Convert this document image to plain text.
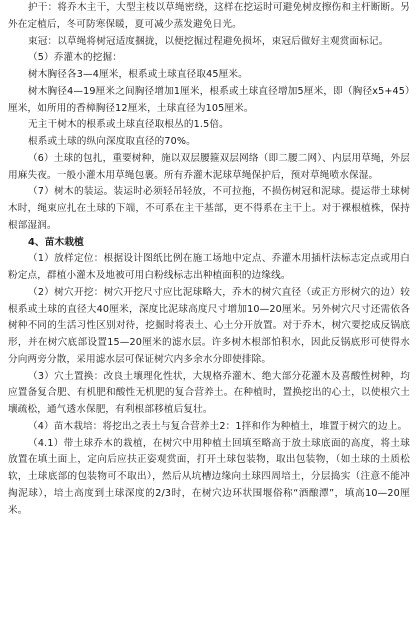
护干：将乔木主干，大型主枝以草绳密绕，这样在挖运时可避免树皮擦伤和主杆断断。另外在定植后，冬可防寒保暖，夏可减少蒸发避免日光。

束冠：以草绳将树冠适度捆拢，以便挖掘过程避免损坏，束冠后做好主观赏面标记。

（5）乔灌木的挖掘：

树木胸径各3—4厘米，根系或土球直径取45厘米。

树木胸径4—19厘米之间胸径增加1厘米，根系或土球直径增加5厘米，即（胸径x5+45）厘米，如所用的香樟胸径12厘米，土球直径为105厘米。

无主干树木的根系或土球直径取根丛的1.5倍。

根系或土球的纵向深度取直径的70%。

（6）土球的包扎，重要树种，施以双层腰箍双层网络（即二腰二网）、内层用草绳，外层用麻失夜。一般小灌木用草绳包裹。所有乔灌木泥球草绳保护后，预对草绳喷水保湿。

（7）树木的装运。装运时必须轻吊轻放，不可拉拖，不损伤树冠和泥球。提运带土球树木时，绳束应扎在土球的下端，不可系在主干基部，更不得系在主干上。对于裸根植株，保持根部湿润。

4、苗木栽植

（1）放样定位：根据设计图纸比例在施工场地中定点、乔灌木用插杆法标志定点或用白粉定点，群植小灌木及地被可用白粉线标志出种植面积的边缘线。

（2）树穴开挖：树穴开挖尺寸应比泥球略大，乔木的树穴直径（或正方形树穴的边）较根系或土球的直径大40厘米，深度比泥球高度尺寸增加10—20厘米。另外树穴尺寸还需依各树种不同的生活习性区别对待，挖掘时将表土、心土分开放置。对于乔木，树穴要挖成反锅底形，并在树穴底部设置15—20厘米的滤水层。许多树木根部怕积水，因此反锅底形可使得水分向两旁分散，采用滤水层可保证树穴内多余水分即使排除。

（3）穴土置换：改良土壤理化性状，大规格乔灌木、绝大部分花灌木及喜酸性树种，均应置备复合肥、有机肥和酸性无机肥的复合营养土。在种植时，置换挖出的心土，以使根穴土壤疏松，通气透水保肥，有利根部移植后复壮。

（4）苗木栽培：将挖出之表土与复合营养土2：1拌和作为种植土，堆置于树穴的边上。

（4.1）带土球乔木的栽植，在树穴中用种植土回填至略高于放土球底面的高度，将土球放置在填土面上，定向后应扶正姿观赏面，打开土球包装物，取出包装物，（如土球的土质松软，土球底部的包装物可不取出），然后从坑槽边缘向土球四周培土，分层捣实（注意不能冲掏泥球），培土高度到土球深度的2/3时，在树穴边环状围堰俗称“酒酿潭”，填高10—20厘米。
